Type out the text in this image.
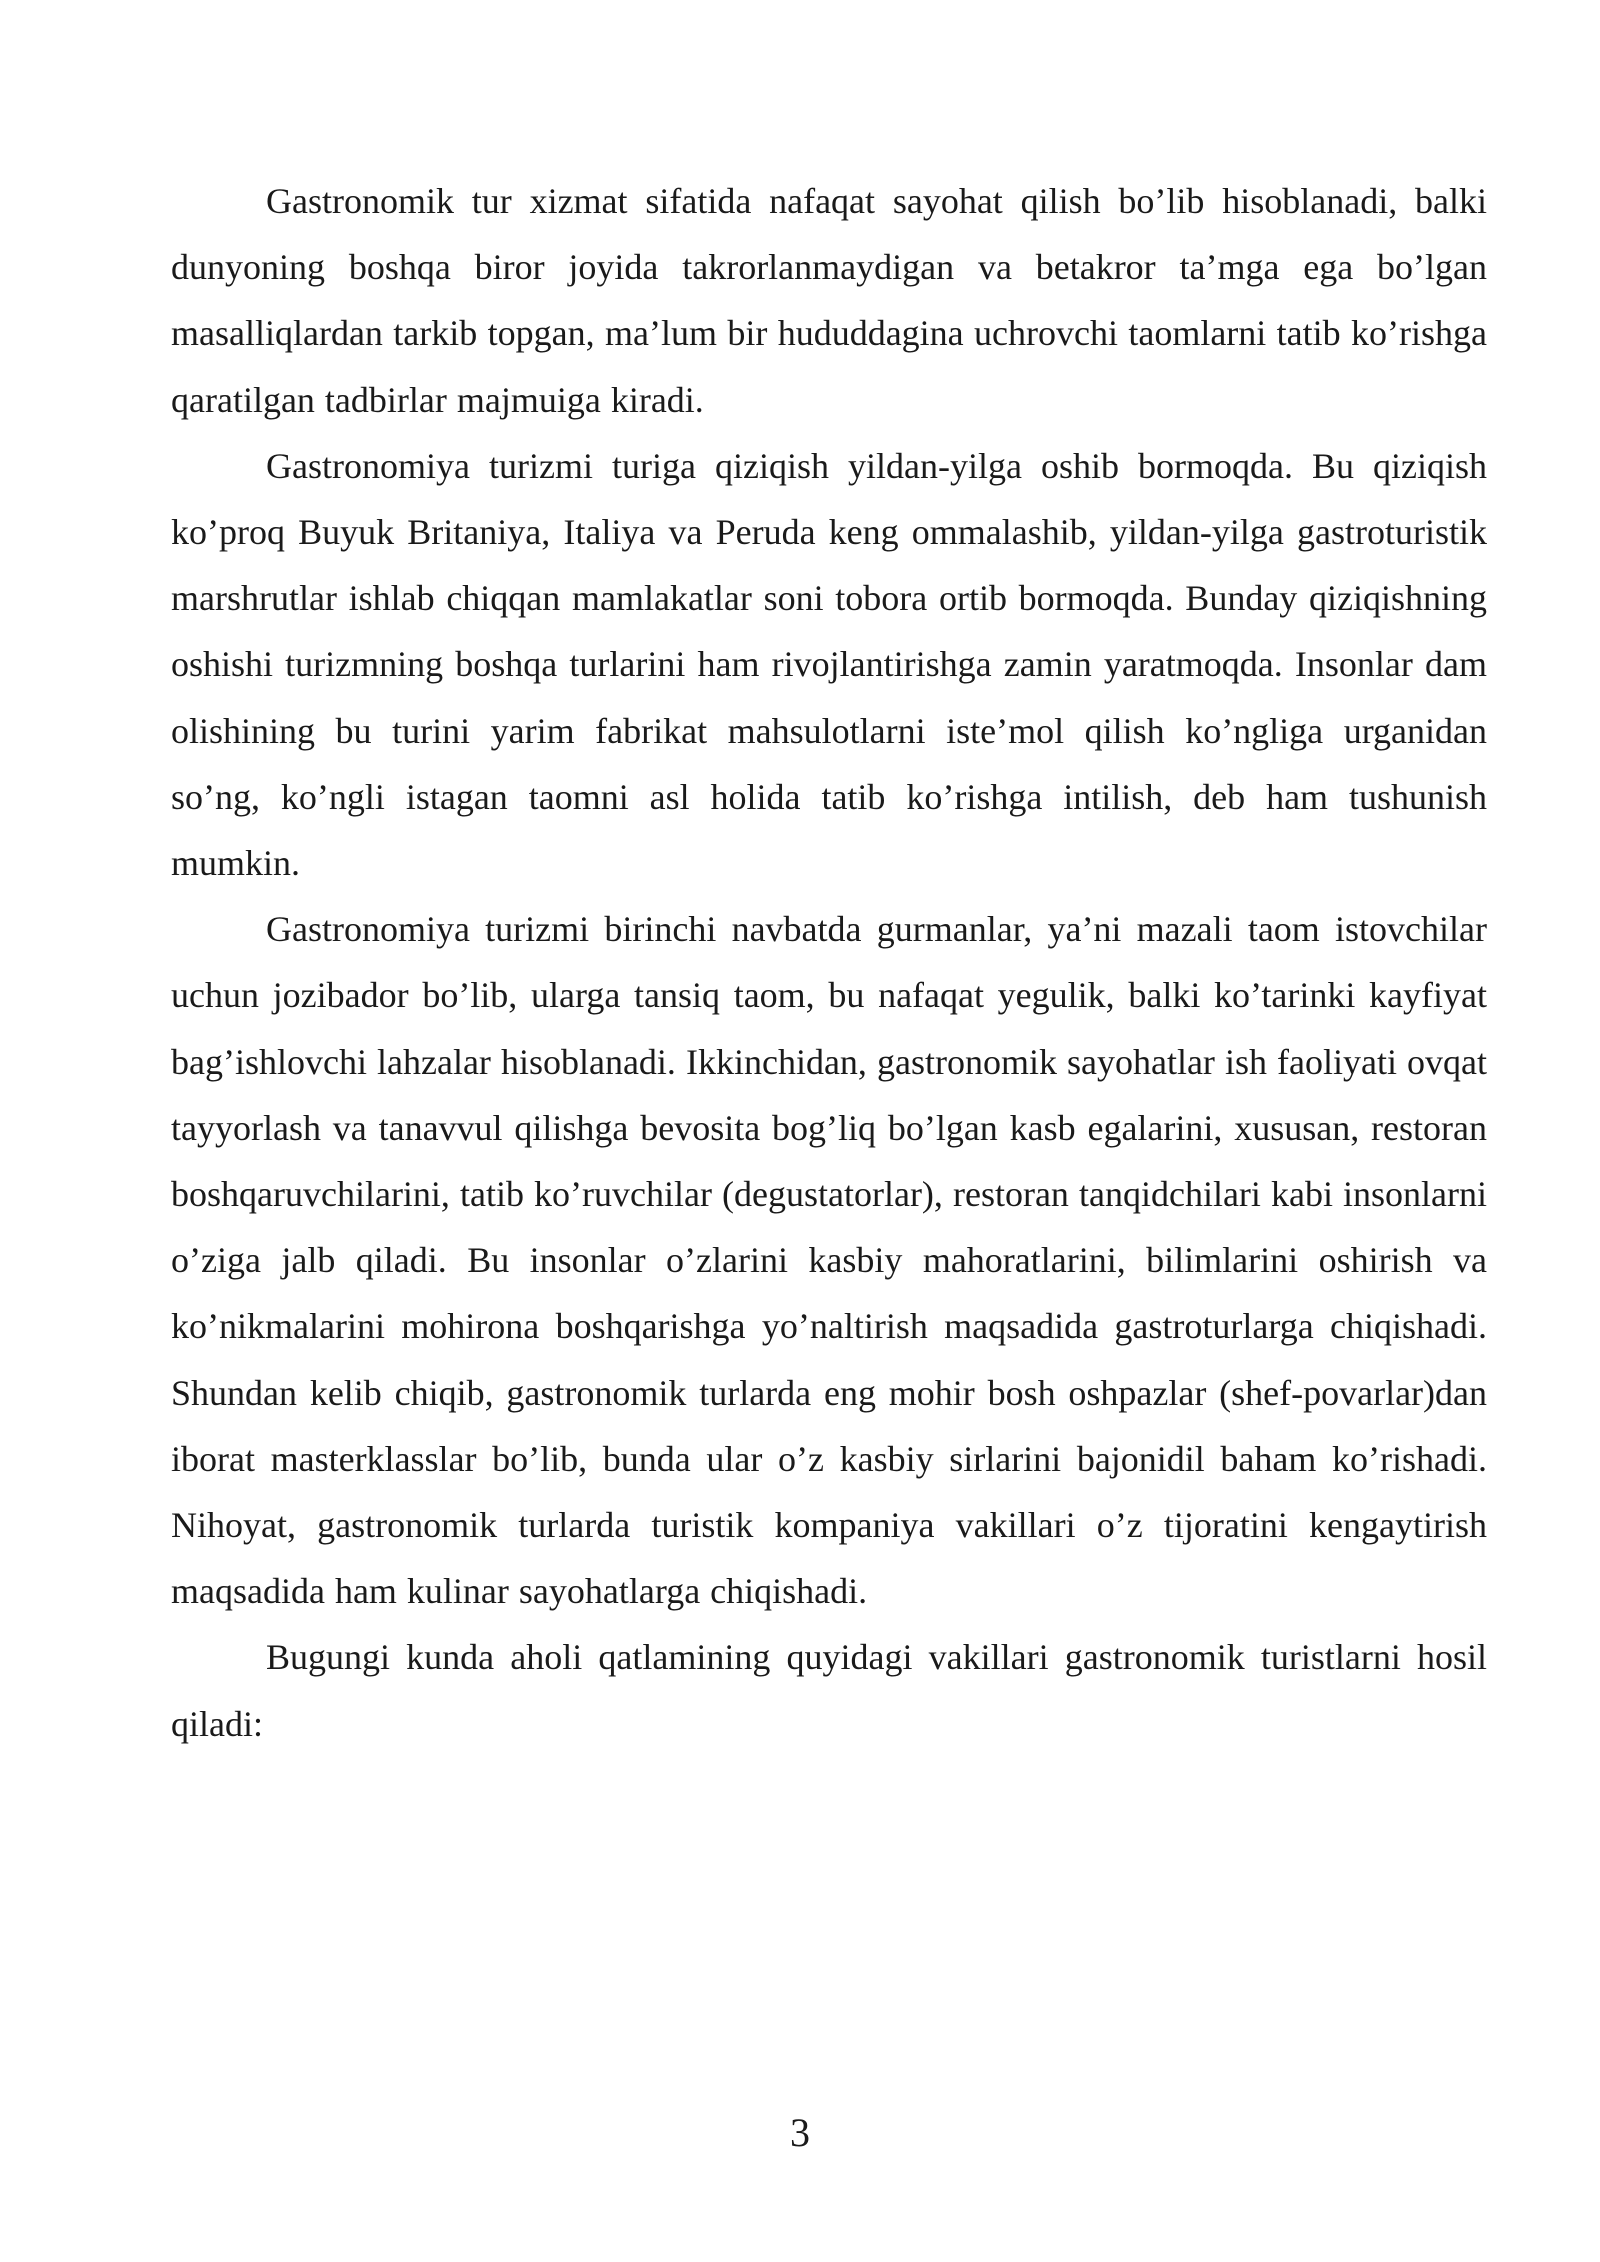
Gastronomik tur xizmat sifatida nafaqat sayohat qilish bo’lib hisoblanadi, balki dunyoning boshqa biror joyida takrorlanmaydigan va betakror ta’mga ega bo’lgan masalliqlardan tarkib topgan, ma’lum bir hududdagina uchrovchi taomlarni tatib ko’rishga qaratilgan tadbirlar majmuiga kiradi.

Gastronomiya turizmi turiga qiziqish yildan-yilga oshib bormoqda. Bu qiziqish ko’proq Buyuk Britaniya, Italiya va Peruda keng ommalashib, yildan-yilga gastroturistik marshrutlar ishlab chiqqan mamlakatlar soni tobora ortib bormoqda. Bunday qiziqishning oshishi turizmning boshqa turlarini ham rivojlantirishga zamin yaratmoqda. Insonlar dam olishining bu turini yarim fabrikat mahsulotlarni iste’mol qilish ko’ngliga urganidan so’ng, ko’ngli istagan taomni asl holida tatib ko’rishga intilish, deb ham tushunish mumkin.

Gastronomiya turizmi birinchi navbatda gurmanlar, ya’ni mazali taom istovchilar uchun jozibador bo’lib, ularga tansiq taom, bu nafaqat yegulik, balki ko’tarinki kayfiyat bag’ishlovchi lahzalar hisoblanadi. Ikkinchidan, gastronomik sayohatlar ish faoliyati ovqat tayyorlash va tanavvul qilishga bevosita bog’liq bo’lgan kasb egalarini, xususan, restoran boshqaruvchilarini, tatib ko’ruvchilar (degustatorlar), restoran tanqidchilari kabi insonlarni o’ziga jalb qiladi. Bu insonlar o’zlarini kasbiy mahoratlarini, bilimlarini oshirish va ko’nikmalarini mohirona boshqarishga yo’naltirish maqsadida gastroturlarga chiqishadi. Shundan kelib chiqib, gastronomik turlarda eng mohir bosh oshpazlar (shef-povarlar)dan iborat masterklasslar bo’lib, bunda ular o’z kasbiy sirlarini bajonidil baham ko’rishadi. Nihoyat, gastronomik turlarda turistik kompaniya vakillari o’z tijoratini kengaytirish maqsadida ham kulinar sayohatlarga chiqishadi.

Bugungi kunda aholi qatlamining quyidagi vakillari gastronomik turistlarni hosil qiladi:

3
